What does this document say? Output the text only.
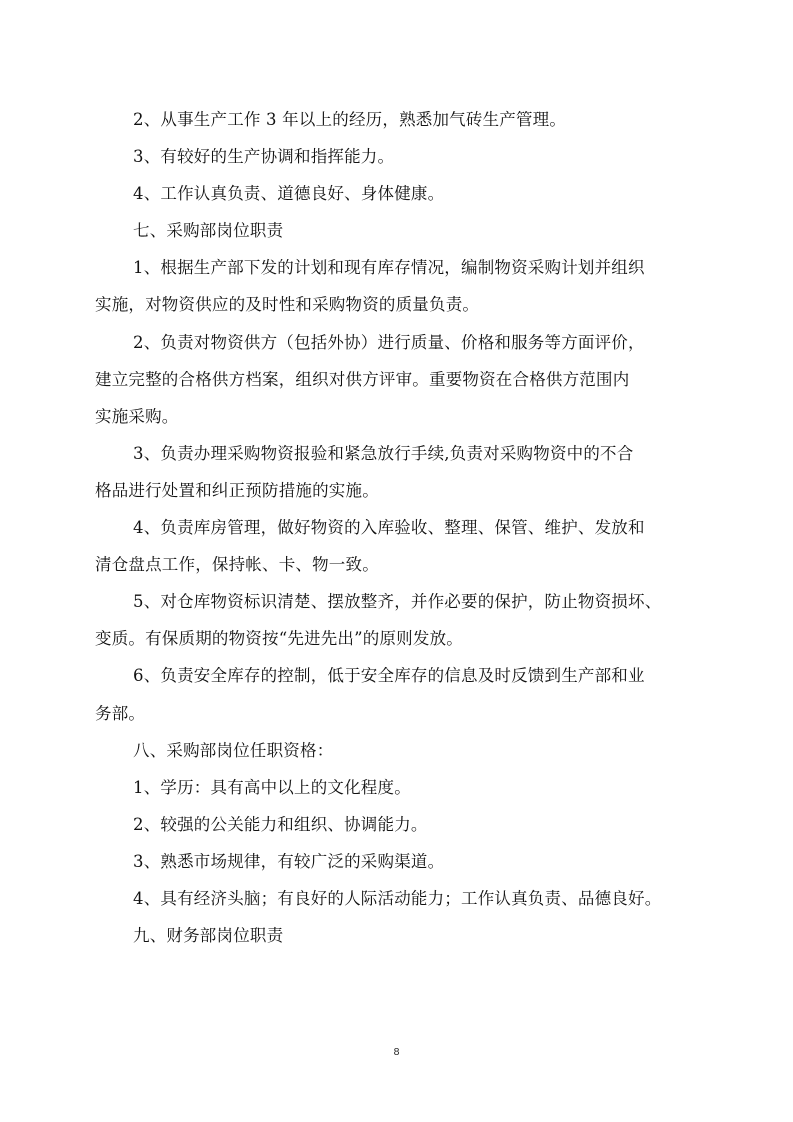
2、从事生产工作 3 年以上的经历，熟悉加气砖生产管理。
3、有较好的生产协调和指挥能力。
4、工作认真负责、道德良好、身体健康。
七、采购部岗位职责
1、根据生产部下发的计划和现有库存情况，编制物资采购计划并组织
实施，对物资供应的及时性和采购物资的质量负责。
2、负责对物资供方（包括外协）进行质量、价格和服务等方面评价，
建立完整的合格供方档案，组织对供方评审。重要物资在合格供方范围内
实施采购。
3、负责办理采购物资报验和紧急放行手续,负责对采购物资中的不合
格品进行处置和纠正预防措施的实施。
4、负责库房管理，做好物资的入库验收、整理、保管、维护、发放和
清仓盘点工作，保持帐、卡、物一致。
5、对仓库物资标识清楚、摆放整齐，并作必要的保护，防止物资损坏、
变质。有保质期的物资按“先进先出”的原则发放。
6、负责安全库存的控制，低于安全库存的信息及时反馈到生产部和业
务部。
八、采购部岗位任职资格：
1、学历：具有高中以上的文化程度。
2、较强的公关能力和组织、协调能力。
3、熟悉市场规律，有较广泛的采购渠道。
4、具有经济头脑；有良好的人际活动能力；工作认真负责、品德良好。
九、财务部岗位职责
8
